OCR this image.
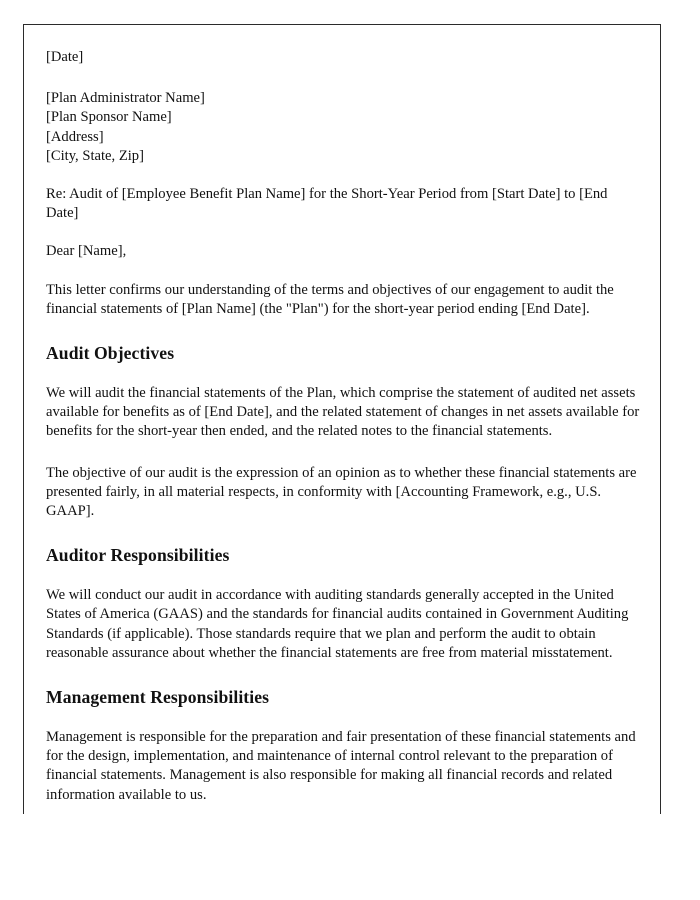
[Date]
[Plan Administrator Name]
[Plan Sponsor Name]
[Address]
[City, State, Zip]

Re: Audit of [Employee Benefit Plan Name] for the Short-Year Period from [Start Date] to [End Date]

Dear [Name],

This letter confirms our understanding of the terms and objectives of our engagement to audit the financial statements of [Plan Name] (the "Plan") for the short-year period ending [End Date].

Audit Objectives

We will audit the financial statements of the Plan, which comprise the statement of audited net assets available for benefits as of [End Date], and the related statement of changes in net assets available for benefits for the short-year then ended, and the related notes to the financial statements.

The objective of our audit is the expression of an opinion as to whether these financial statements are presented fairly, in all material respects, in conformity with [Accounting Framework, e.g., U.S. GAAP].

Auditor Responsibilities

We will conduct our audit in accordance with auditing standards generally accepted in the United States of America (GAAS) and the standards for financial audits contained in Government Auditing Standards (if applicable). Those standards require that we plan and perform the audit to obtain reasonable assurance about whether the financial statements are free from material misstatement.

Management Responsibilities

Management is responsible for the preparation and fair presentation of these financial statements and for the design, implementation, and maintenance of internal control relevant to the preparation of financial statements. Management is also responsible for making all financial records and related information available to us.
